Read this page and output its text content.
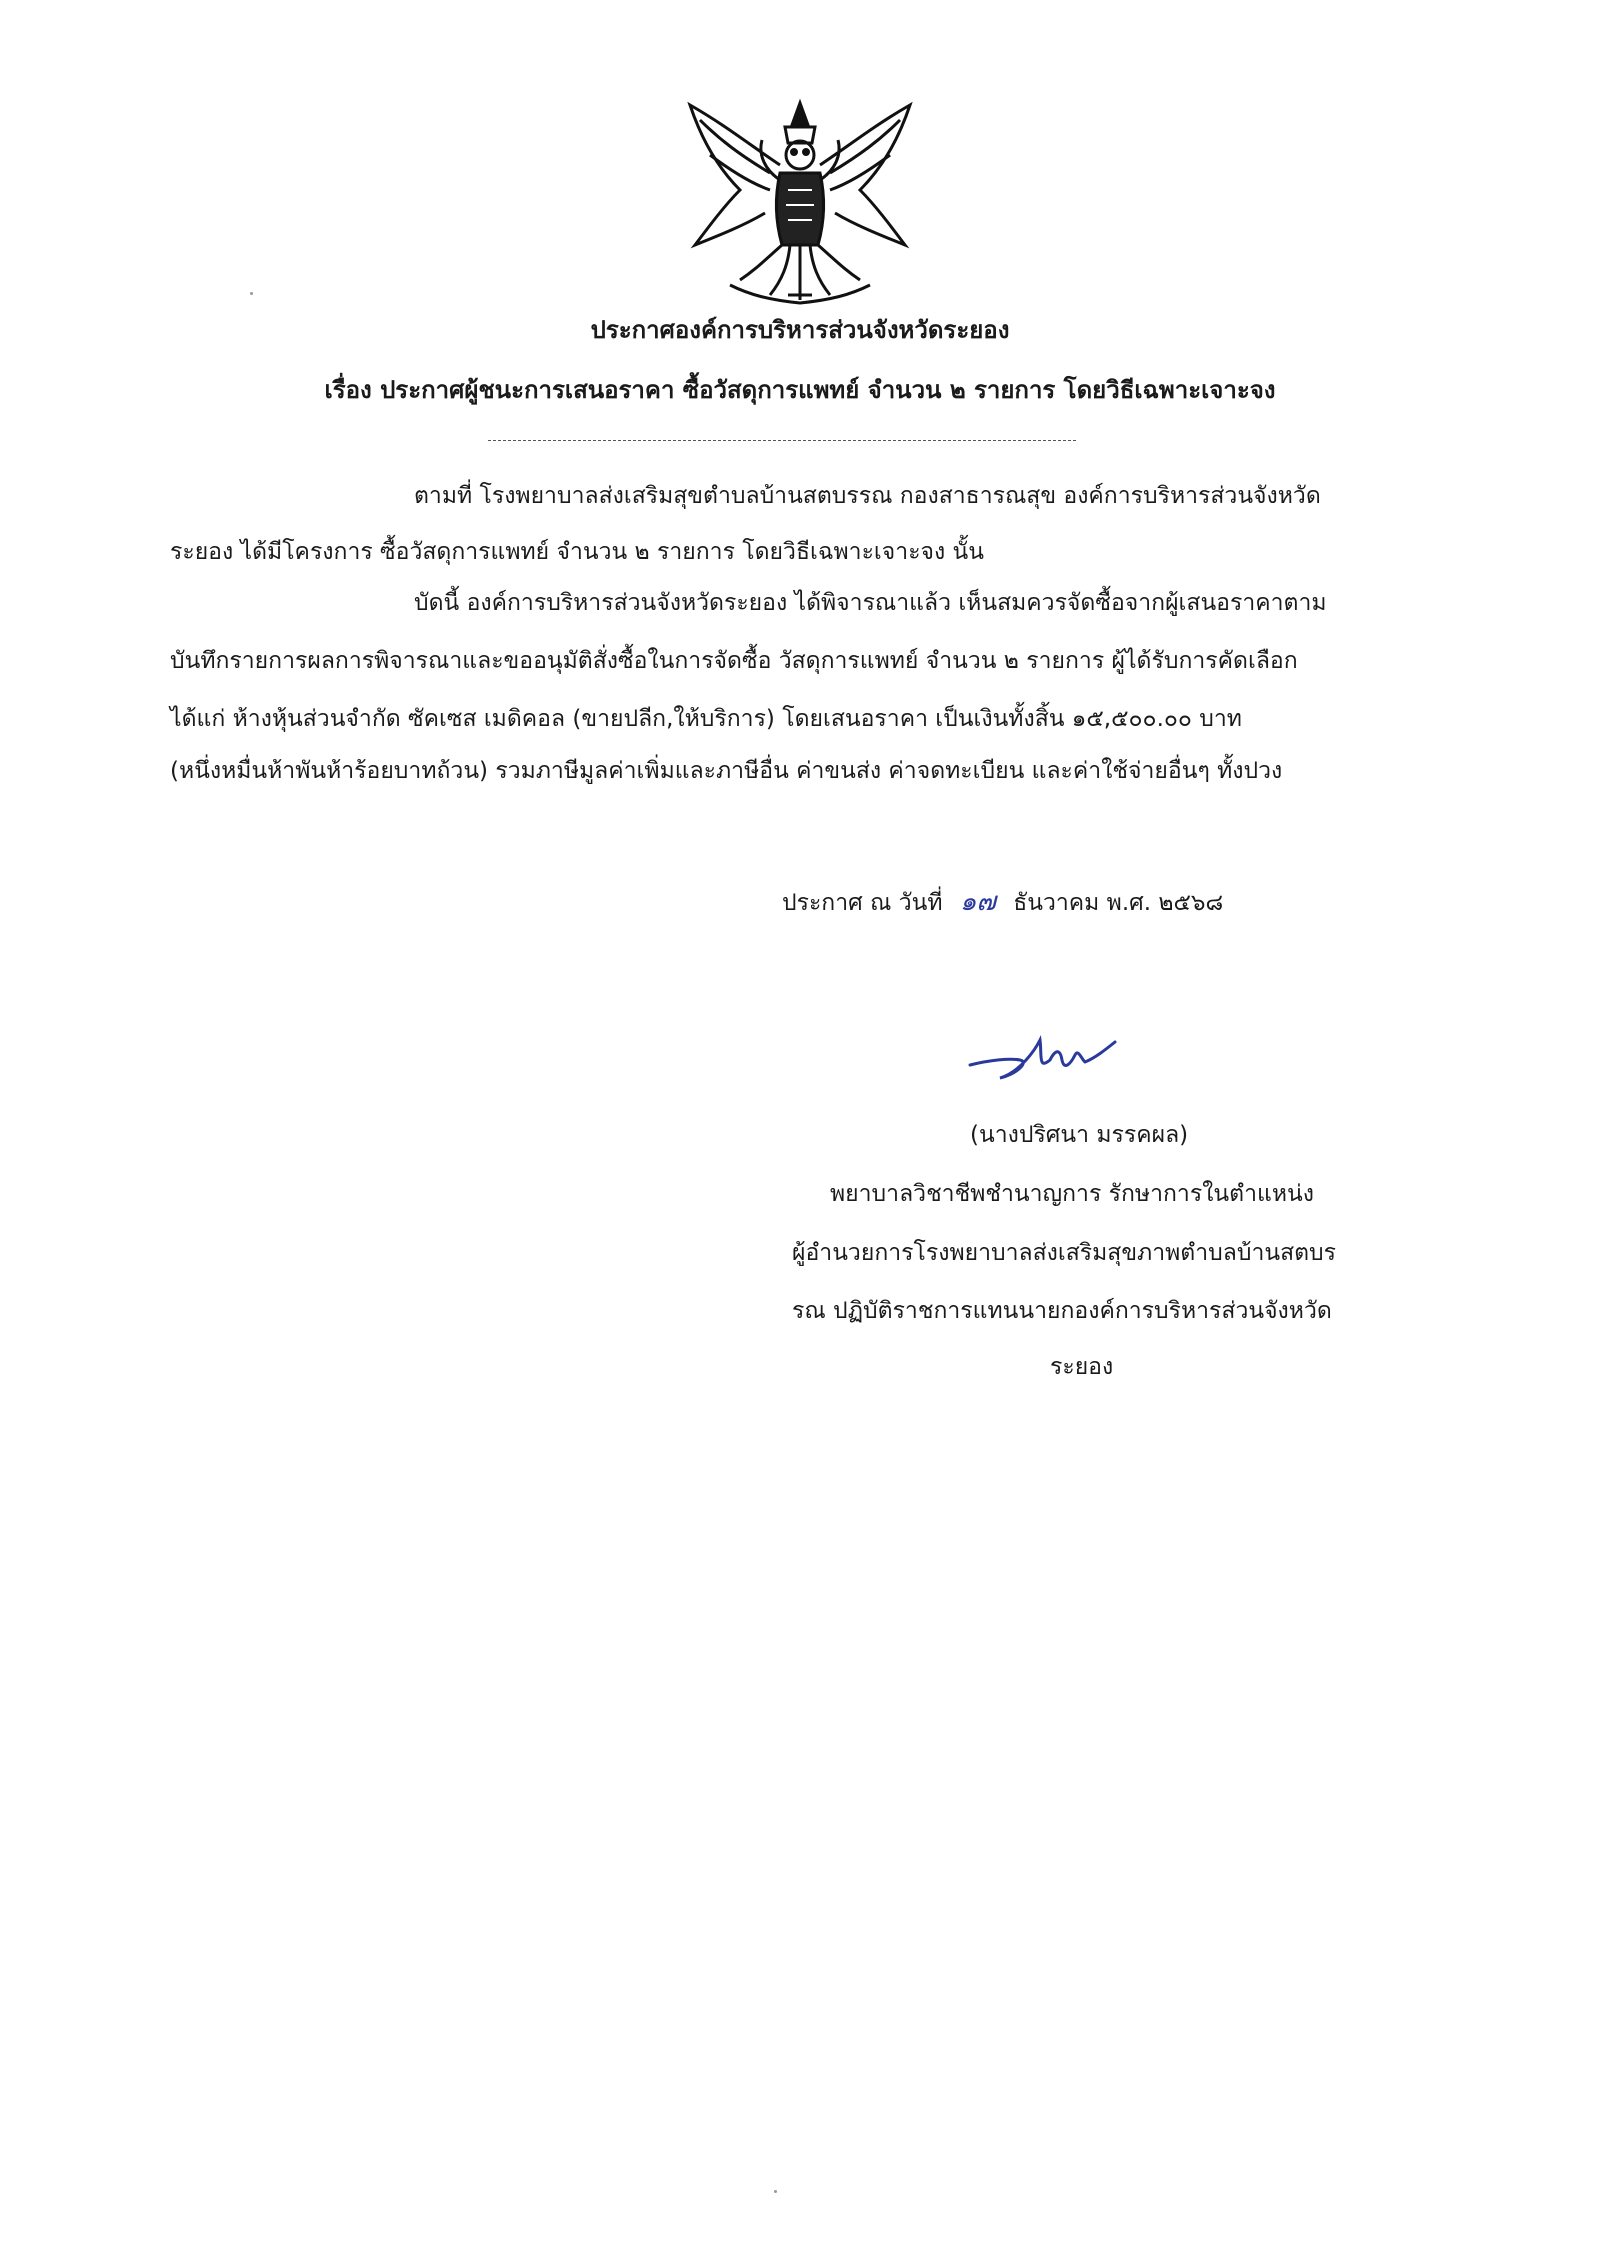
ประกาศองค์การบริหารส่วนจังหวัดระยอง
เรื่อง ประกาศผู้ชนะการเสนอราคา ซื้อวัสดุการแพทย์ จำนวน ๒ รายการ โดยวิธีเฉพาะเจาะจง
ตามที่ โรงพยาบาลส่งเสริมสุขตำบลบ้านสตบรรณ กองสาธารณสุข องค์การบริหารส่วนจังหวัด
ระยอง ได้มีโครงการ ซื้อวัสดุการแพทย์ จำนวน ๒ รายการ โดยวิธีเฉพาะเจาะจง นั้น
บัดนี้ องค์การบริหารส่วนจังหวัดระยอง ได้พิจารณาแล้ว เห็นสมควรจัดซื้อจากผู้เสนอราคาตาม
บันทึกรายการผลการพิจารณาและขออนุมัติสั่งซื้อในการจัดซื้อ วัสดุการแพทย์ จำนวน ๒ รายการ ผู้ได้รับการคัดเลือก
ได้แก่ ห้างหุ้นส่วนจำกัด ซัคเซส เมดิคอล (ขายปลีก,ให้บริการ) โดยเสนอราคา เป็นเงินทั้งสิ้น ๑๕,๕๐๐.๐๐ บาท
(หนึ่งหมื่นห้าพันห้าร้อยบาทถ้วน) รวมภาษีมูลค่าเพิ่มและภาษีอื่น ค่าขนส่ง ค่าจดทะเบียน และค่าใช้จ่ายอื่นๆ ทั้งปวง
ประกาศ ณ วันที่ ๑๗ ธันวาคม พ.ศ. ๒๕๖๘
(นางปริศนา มรรคผล)
พยาบาลวิชาชีพชำนาญการ รักษาการในตำแหน่ง
ผู้อำนวยการโรงพยาบาลส่งเสริมสุขภาพตำบลบ้านสตบร
รณ ปฏิบัติราชการแทนนายกองค์การบริหารส่วนจังหวัด
ระยอง
